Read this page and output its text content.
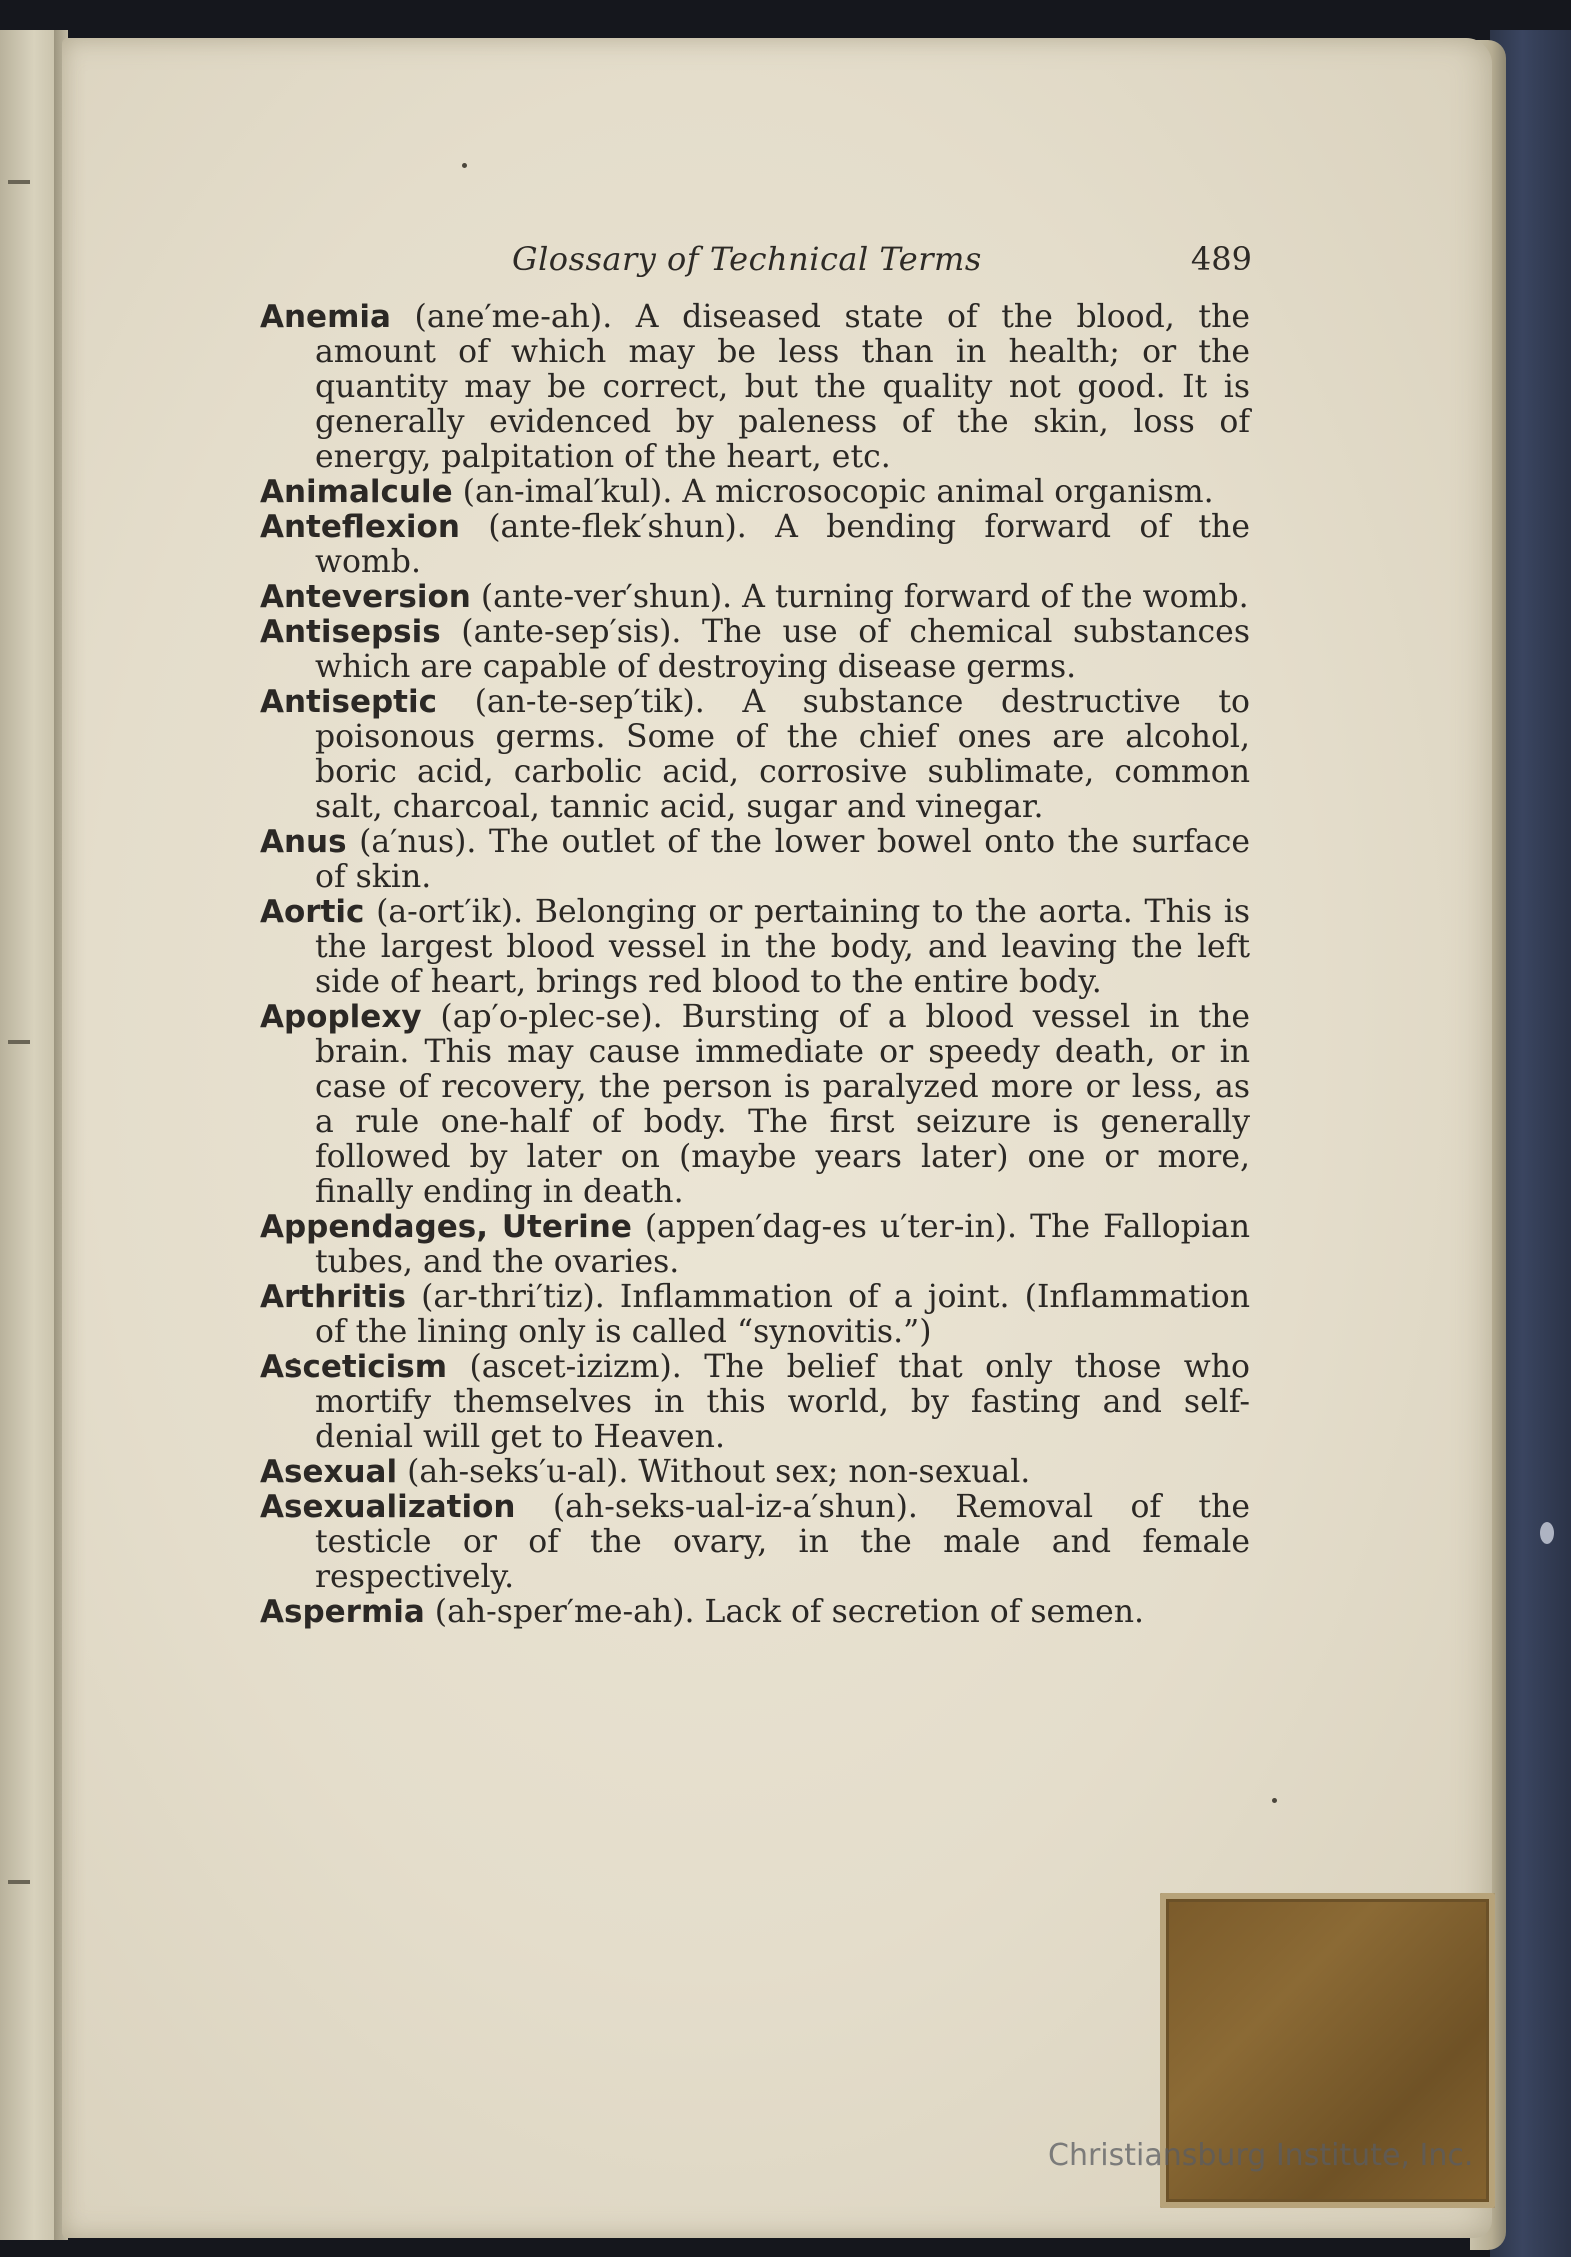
Glossary of Technical Terms	489

Anemia (ane′me-ah). A diseased state of the blood, the amount of which may be less than in health; or the quantity may be correct, but the quality not good. It is generally evidenced by paleness of the skin, loss of energy, palpitation of the heart, etc.

Animalcule (an-imal′kul). A microsocopic animal organism.

Anteflexion (ante-flek′shun). A bending forward of the womb.

Anteversion (ante-ver′shun). A turning forward of the womb.

Antisepsis (ante-sep′sis). The use of chemical substances which are capable of destroying disease germs.

Antiseptic (an-te-sep′tik). A substance destructive to poisonous germs. Some of the chief ones are alcohol, boric acid, carbolic acid, corrosive sublimate, common salt, charcoal, tannic acid, sugar and vinegar.

Anus (a′nus). The outlet of the lower bowel onto the surface of skin.

Aortic (a-ort′ik). Belonging or pertaining to the aorta. This is the largest blood vessel in the body, and leaving the left side of heart, brings red blood to the entire body.

Apoplexy (ap′o-plec-se). Bursting of a blood vessel in the brain. This may cause immediate or speedy death, or in case of recovery, the person is paralyzed more or less, as a rule one-half of body. The first seizure is generally followed by later on (maybe years later) one or more, finally ending in death.

Appendages, Uterine (appen′dag-es u′ter-in). The Fallopian tubes, and the ovaries.

Arthritis (ar-thri′tiz). Inflammation of a joint. (Inflammation of the lining only is called “synovitis.”)

Asceticism (ascet-izizm). The belief that only those who mortify themselves in this world, by fasting and self-denial will get to Heaven.

Asexual (ah-seks′u-al). Without sex; non-sexual.

Asexualization (ah-seks-ual-iz-a′shun). Removal of the testicle or of the ovary, in the male and female respectively.

Aspermia (ah-sper′me-ah). Lack of secretion of semen.

Christiansburg Institute, Inc.
